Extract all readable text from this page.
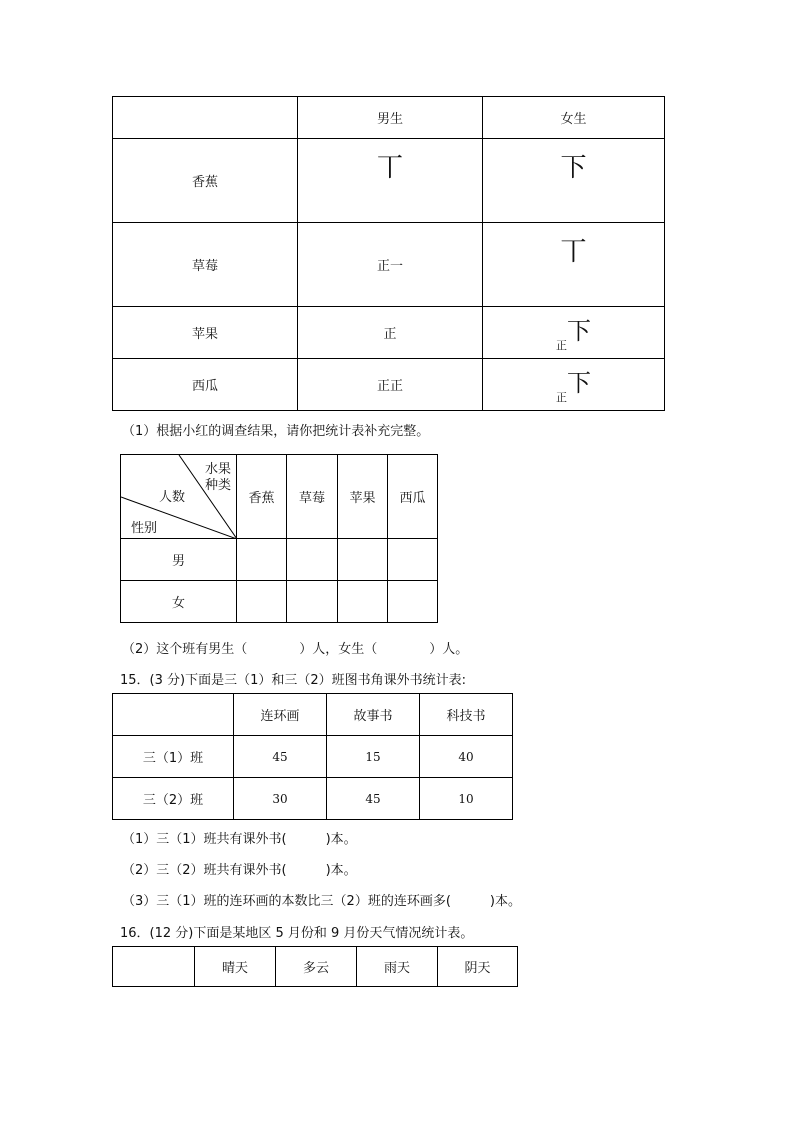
	男生	女生
香蕉	丅	下
草莓	正一	丅
苹果	正	$_正$下
西瓜	正正	$_正$下
（1）根据小红的调查结果，请你把统计表补充完整。
水果
种类
人数
性别	香蕉	草莓	苹果	西瓜
男				
女				
（2）这个班有男生（　　　　）人，女生（　　　　）人。
15．(3 分)下面是三（1）和三（2）班图书角课外书统计表:
	连环画	故事书	科技书
三（1）班	45	15	40
三（2）班	30	45	10
（1）三（1）班共有课外书(　　　)本。
（2）三（2）班共有课外书(　　　)本。
（3）三（1）班的连环画的本数比三（2）班的连环画多(　　　)本。
16．(12 分)下面是某地区 5 月份和 9 月份天气情况统计表。
	晴天	多云	雨天	阴天
